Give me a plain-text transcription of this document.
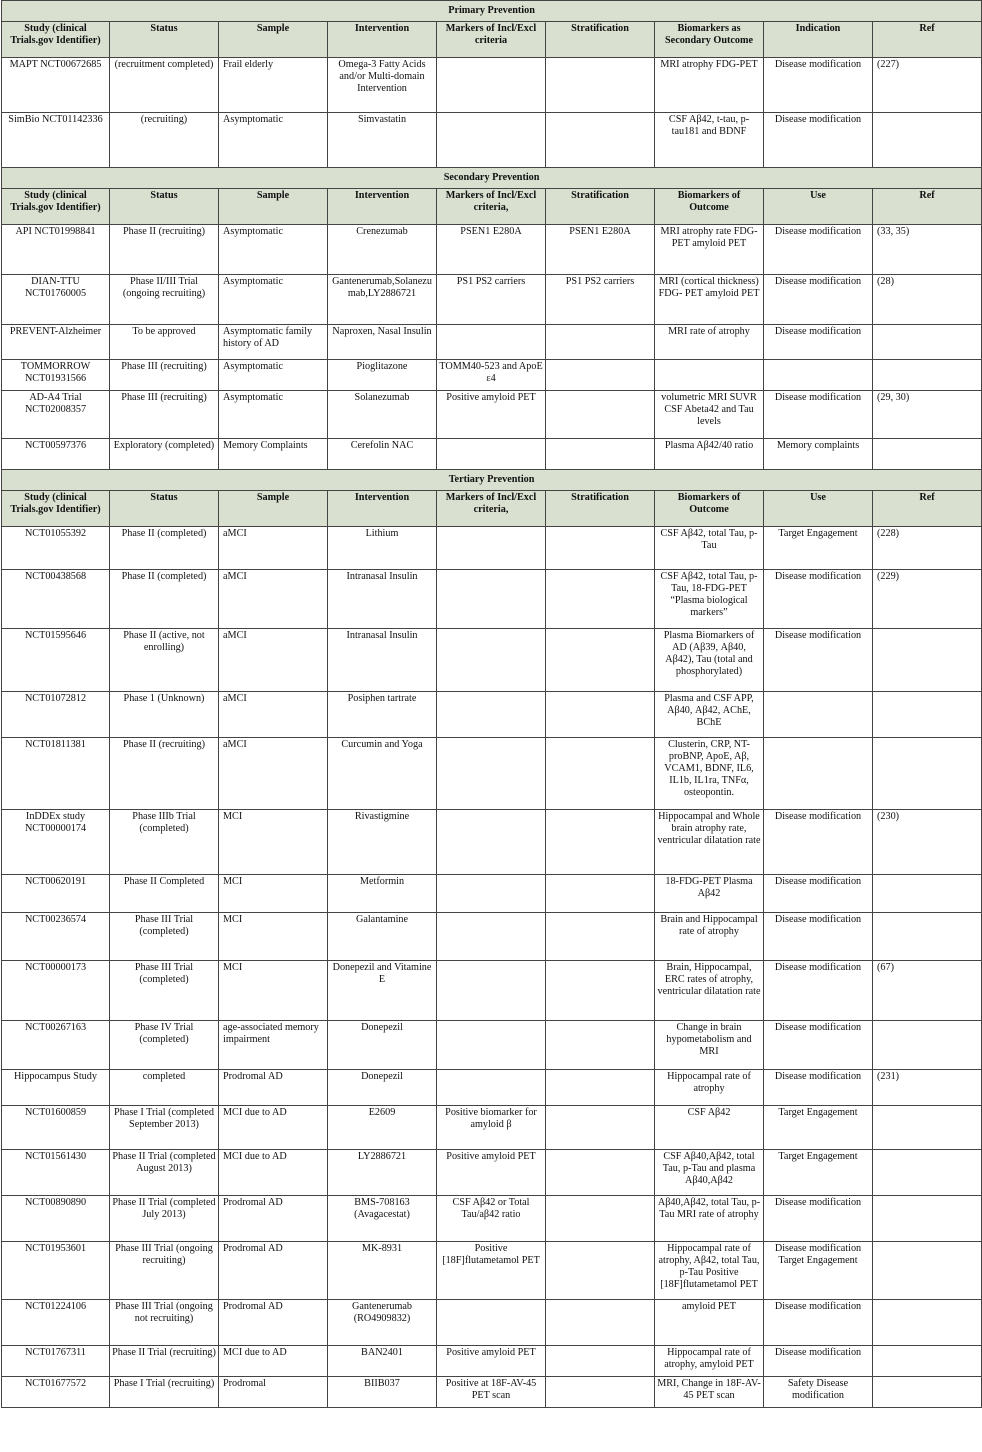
Primary Prevention								
Study (clinical Trials.gov Identifier)	Status	Sample	Intervention	Markers of Incl/Excl criteria	Stratification	Biomarkers as Secondary Outcome	Indication	Ref
MAPT NCT00672685	(recruitment completed)	Frail elderly	Omega-3 Fatty Acids and/or Multi-domain Intervention			MRI atrophy FDG-PET	Disease modification	(227)
SimBio NCT01142336	(recruiting)	Asymptomatic	Simvastatin			CSF Aβ42, t-tau, p-tau181 and BDNF	Disease modification	
Secondary Prevention								
Study (clinical Trials.gov Identifier)	Status	Sample	Intervention	Markers of Incl/Excl criteria,	Stratification	Biomarkers of Outcome	Use	Ref
API NCT01998841	Phase II (recruiting)	Asymptomatic	Crenezumab	PSEN1 E280A	PSEN1 E280A	MRI atrophy rate FDG- PET amyloid PET	Disease modification	(33, 35)
DIAN-TTU NCT01760005	Phase II/III Trial (ongoing recruiting)	Asymptomatic	Gantenerumab,Solanezumab,LY2886721	PS1 PS2 carriers	PS1 PS2 carriers	MRI (cortical thickness) FDG- PET amyloid PET	Disease modification	(28)
PREVENT-Alzheimer	To be approved	Asymptomatic family history of AD	Naproxen, Nasal Insulin			MRI rate of atrophy	Disease modification	
TOMMORROW NCT01931566	Phase III (recruiting)	Asymptomatic	Pioglitazone	TOMM40-523 and ApoE ε4				
AD-A4 Trial NCT02008357	Phase III (recruiting)	Asymptomatic	Solanezumab	Positive amyloid PET		volumetric MRI SUVR CSF Abeta42 and Tau levels	Disease modification	(29, 30)
NCT00597376	Exploratory (completed)	Memory Complaints	Cerefolin NAC			Plasma Aβ42/40 ratio	Memory complaints	
Tertiary Prevention								
Study (clinical Trials.gov Identifier)	Status	Sample	Intervention	Markers of Incl/Excl criteria,	Stratification	Biomarkers of Outcome	Use	Ref
NCT01055392	Phase II (completed)	aMCI	Lithium			CSF Aβ42, total Tau, p-Tau	Target Engagement	(228)
NCT00438568	Phase II (completed)	aMCI	Intranasal Insulin			CSF Aβ42, total Tau, p-Tau, 18-FDG-PET “Plasma biological markers”	Disease modification	(229)
NCT01595646	Phase II (active, not enrolling)	aMCI	Intranasal Insulin			Plasma Biomarkers of AD (Aβ39, Aβ40, Aβ42), Tau (total and phosphorylated)	Disease modification	
NCT01072812	Phase 1 (Unknown)	aMCI	Posiphen tartrate			Plasma and CSF APP, Aβ40, Aβ42, AChE, BChE		
NCT01811381	Phase II (recruiting)	aMCI	Curcumin and Yoga			Clusterin, CRP, NT-proBNP, ApoE, Aβ, VCAM1, BDNF, IL6, IL1b, IL1ra, TNFα, osteopontin.		
InDDEx study NCT00000174	Phase IIIb Trial (completed)	MCI	Rivastigmine			Hippocampal and Whole brain atrophy rate, ventricular dilatation rate	Disease modification	(230)
NCT00620191	Phase II Completed	MCI	Metformin			18-FDG-PET Plasma Aβ42	Disease modification	
NCT00236574	Phase III Trial (completed)	MCI	Galantamine			Brain and Hippocampal rate of atrophy	Disease modification	
NCT00000173	Phase III Trial (completed)	MCI	Donepezil and Vitamine E			Brain, Hippocampal, ERC rates of atrophy, ventricular dilatation rate	Disease modification	(67)
NCT00267163	Phase IV Trial (completed)	age-associated memory impairment	Donepezil			Change in brain hypometabolism and MRI	Disease modification	
Hippocampus Study	completed	Prodromal AD	Donepezil			Hippocampal rate of atrophy	Disease modification	(231)
NCT01600859	Phase I Trial (completed September 2013)	MCI due to AD	E2609	Positive biomarker for amyloid β		CSF Aβ42	Target Engagement	
NCT01561430	Phase II Trial (completed August 2013)	MCI due to AD	LY2886721	Positive amyloid PET		CSF Aβ40,Aβ42, total Tau, p-Tau and plasma Aβ40,Aβ42	Target Engagement	
NCT00890890	Phase II Trial (completed July 2013)	Prodromal AD	BMS-708163 (Avagacestat)	CSF Aβ42 or Total Tau/aβ42 ratio		Aβ40,Aβ42, total Tau, p-Tau MRI rate of atrophy	Disease modification	
NCT01953601	Phase III Trial (ongoing recruiting)	Prodromal AD	MK-8931	Positive [18F]flutametamol PET		Hippocampal rate of atrophy, Aβ42, total Tau, p-Tau Positive [18F]flutametamol PET	Disease modification Target Engagement	
NCT01224106	Phase III Trial (ongoing not recruiting)	Prodromal AD	Gantenerumab (RO4909832)			amyloid PET	Disease modification	
NCT01767311	Phase II Trial (recruiting)	MCI due to AD	BAN2401	Positive amyloid PET		Hippocampal rate of atrophy, amyloid PET	Disease modification	
NCT01677572	Phase I Trial (recruiting)	Prodromal	BIIB037	Positive at 18F-AV-45 PET scan		MRI, Change in 18F-AV-45 PET scan	Safety Disease modification	
